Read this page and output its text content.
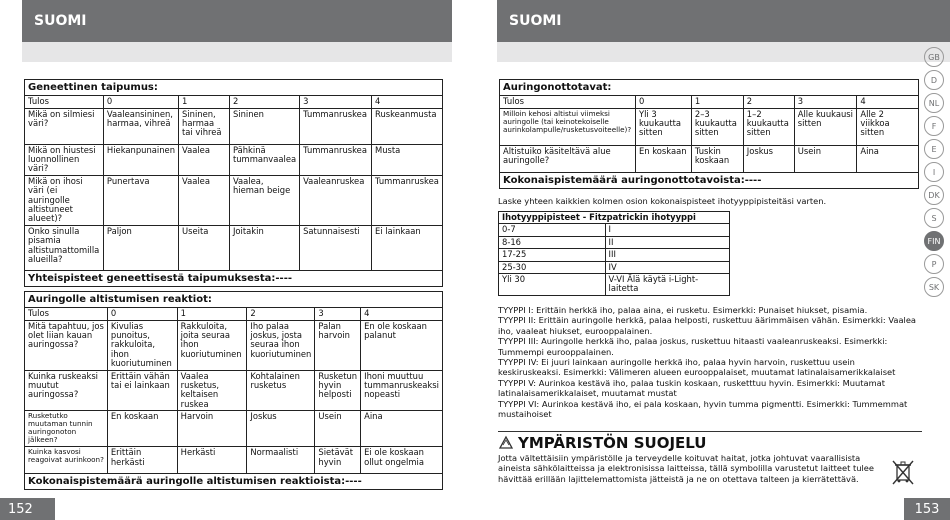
SUOMI
Geneettinen taipumus:					
Tulos	0	1	2	3	4
Mikä on silmiesi väri?	Vaaleansininen, harmaa, vihreä	Sininen, harmaa tai vihreä	Sininen	Tummanruskea	Ruskeanmusta
Mikä on hiustesi luonnollinen väri?	Hiekanpunainen	Vaalea	Pähkinä tummanvaalea	Tummanruskea	Musta
Mikä on ihosi väri (ei auringolle altistuneet alueet)?	Punertava	Vaalea	Vaalea, hieman beige	Vaaleanruskea	Tummanruskea
Onko sinulla pisamia altistumattomilla alueilla?	Paljon	Useita	Joitakin	Satunnaisesti	Ei lainkaan
Yhteispisteet geneettisestä taipumuksesta:----					
Auringolle altistumisen reaktiot:					
Tulos	0	1	2	3	4
Mitä tapahtuu, jos olet liian kauan auringossa?	Kivulias punoitus, rakkuloita, ihon kuoriutuminen	Rakkuloita, joita seuraa ihon kuoriutuminen	Iho palaa joskus, josta seuraa ihon kuoriutuminen	Palan harvoin	En ole koskaan palanut
Kuinka ruskeaksi muutut auringossa?	Erittäin vähän tai ei lainkaan	Vaalea rusketus, keltaisen ruskea	Kohtalainen rusketus	Rusketun hyvin helposti	Ihoni muuttuu tummanruskeaksi nopeasti
Rusketutko muutaman tunnin auringonoton jälkeen?	En koskaan	Harvoin	Joskus	Usein	Aina
Kuinka kasvosi reagoivat aurinkoon?	Erittäin herkästi	Herkästi	Normaalisti	Sietävät hyvin	Ei ole koskaan ollut ongelmia
Kokonaispistemäärä auringolle altistumisen reaktioista:----					
152
SUOMI
Auringonottotavat:					
Tulos	0	1	2	3	4
Milloin kehosi altistui viimeksi auringolle (tai keinotekoiselle aurinkolampulle/rusketusvoiteelle)?	Yli 3 kuukautta sitten	2–3 kuukautta sitten	1–2 kuukautta sitten	Alle kuukausi sitten	Alle 2 viikkoa sitten
Altistuiko käsiteltävä alue auringolle?	En koskaan	Tuskin koskaan	Joskus	Usein	Aina
Kokonaispistemäärä auringonottotavoista:----					
Laske yhteen kaikkien kolmen osion kokonaispisteet ihotyyppipisteitäsi varten.
Ihotyyppipisteet - Fitzpatrickin ihotyyppi	
0-7	I
8-16	II
17-25	III
25-30	IV
Yli 30	V-VI Älä käytä i-Light-laitetta
TYYPPI I: Erittäin herkkä iho, palaa aina, ei rusketu. Esimerkki: Punaiset hiukset, pisamia.
TYYPPI II: Erittäin auringolle herkkä, palaa helposti, ruskettuu äärimmäisen vähän. Esimerkki: Vaalea iho, vaaleat hiukset, eurooppalainen.
TYYPPI III: Auringolle herkkä iho, palaa joskus, ruskettuu hitaasti vaaleanruskeaksi. Esimerkki: Tummempi eurooppalainen.
TYYPPI IV: Ei juuri lainkaan auringolle herkkä iho, palaa hyvin harvoin, ruskettuu usein keskiruskeaksi. Esimerkki: Välimeren alueen eurooppalaiset, muutamat latinalaisamerikkalaiset
TYYPPI V: Aurinkoa kestävä iho, palaa tuskin koskaan, rusketttuu hyvin. Esimerkki: Muutamat latinalaisamerikkalaiset, muutamat mustat
TYYPPI VI: Aurinkoa kestävä iho, ei pala koskaan, hyvin tumma pigmentti. Esimerkki: Tummemmat mustaihoiset
YMPÄRISTÖN SUOJELU
Jotta vältettäisiin ympäristölle ja terveydelle koituvat haitat, jotka johtuvat vaarallisista aineista sähkölaitteissa ja elektronisissa laitteissa, tällä symbolilla varustetut laitteet tulee hävittää erillään lajittelemattomista jätteistä ja ne on otettava talteen ja kierrätettävä.
GB
D
NL
F
E
I
DK
S
FIN
P
SK
153
